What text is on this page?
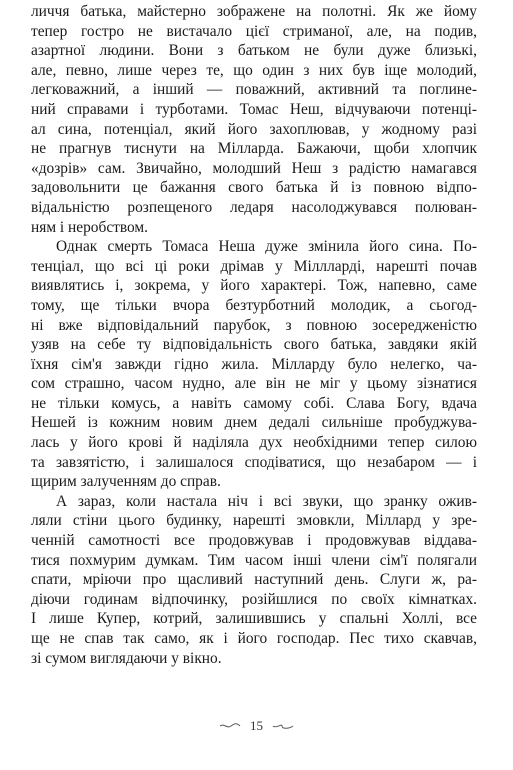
личчя батька, майстерно зображене на полотні. Як же йому
тепер гостро не вистачало цієї стриманої, але, на подив,
азартної людини. Вони з батьком не були дуже близькі,
але, певно, лише через те, що один з них був іще молодий,
легковажний, а інший — поважний, активний та поглине-
ний справами і турботами. Томас Неш, відчуваючи потенці-
ал сина, потенціал, який його захоплював, у жодному разі
не прагнув тиснути на Мілларда. Бажаючи, щоби хлопчик
«дозрів» сам. Звичайно, молодший Неш з радістю намагався
задовольнити це бажання свого батька й із повною відпо-
відальністю розпещеного ледаря насолоджувався полюван-
ням і неробством.
Однак смерть Томаса Неша дуже змінила його сина. По-
тенціал, що всі ці роки дрімав у Міллларді, нарешті почав
виявлятись і, зокрема, у його характері. Тож, напевно, саме
тому, ще тільки вчора безтурботний молодик, а сьогод-
ні вже відповідальний парубок, з повною зосередженістю
узяв на себе ту відповідальність свого батька, завдяки якій
їхня сім'я завжди гідно жила. Мілларду було нелегко, ча-
сом страшно, часом нудно, але він не міг у цьому зізнатися
не тільки комусь, а навіть самому собі. Слава Богу, вдача
Нешей із кожним новим днем дедалі сильніше пробуджува-
лась у його крові й наділяла дух необхідними тепер силою
та завзятістю, і залишалося сподіватися, що незабаром — і
щирим залученням до справ.
А зараз, коли настала ніч і всі звуки, що зранку ожив-
ляли стіни цього будинку, нарешті змовкли, Міллард у зре-
ченній самотності все продовжував і продовжував віддава-
тися похмурим думкам. Тим часом інші члени сім'ї полягали
спати, мріючи про щасливий наступний день. Слуги ж, ра-
діючи годинам відпочинку, розійшлися по своїх кімнатках.
І лише Купер, котрий, залишившись у спальні Холлі, все
ще не спав так само, як і його господар. Пес тихо скавчав,
зі сумом виглядаючи у вікно.
15
